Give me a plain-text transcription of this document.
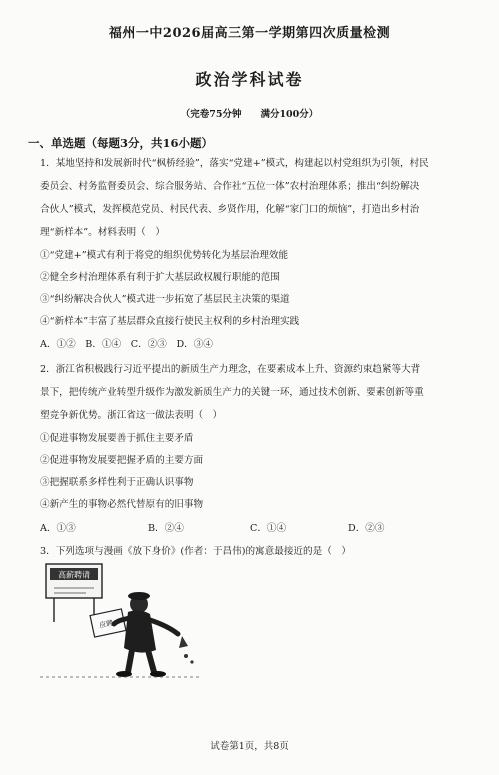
福州一中2026届高三第一学期第四次质量检测
政治学科试卷
（完卷75分钟　　满分100分）
一、单选题（每题3分，共16小题）
1．某地坚持和发展新时代“枫桥经验”，落实“党建+”模式，构建起以村党组织为引领，村民
委员会、村务监督委员会、综合服务站、合作社“五位一体”农村治理体系；推出“纠纷解决
合伙人”模式，发挥模范党员、村民代表、乡贤作用，化解“家门口的烦恼”，打造出乡村治
理“新样本”。材料表明（　）
①“党建+”模式有利于将党的组织优势转化为基层治理效能
②健全乡村治理体系有利于扩大基层政权履行职能的范围
③“纠纷解决合伙人”模式进一步拓宽了基层民主决策的渠道
④“新样本”丰富了基层群众直接行使民主权利的乡村治理实践
A．①②　B．①④　C．②③　D．③④
2．浙江省积极践行习近平提出的新质生产力理念，在要素成本上升、资源约束趋紧等大背
景下，把传统产业转型升级作为激发新质生产力的关键一环，通过技术创新、要素创新等重
塑竞争新优势。浙江省这一做法表明（　）
①促进事物发展要善于抓住主要矛盾
②促进事物发展要把握矛盾的主要方面
③把握联系多样性利于正确认识事物
④新产生的事物必然代替原有的旧事物
A．①③	B．②④	C．①④	D．②③
3．下列选项与漫画《放下身价》(作者：于昌伟)的寓意最接近的是（　）
高薪聘请
应聘
试卷第1页，共8页
